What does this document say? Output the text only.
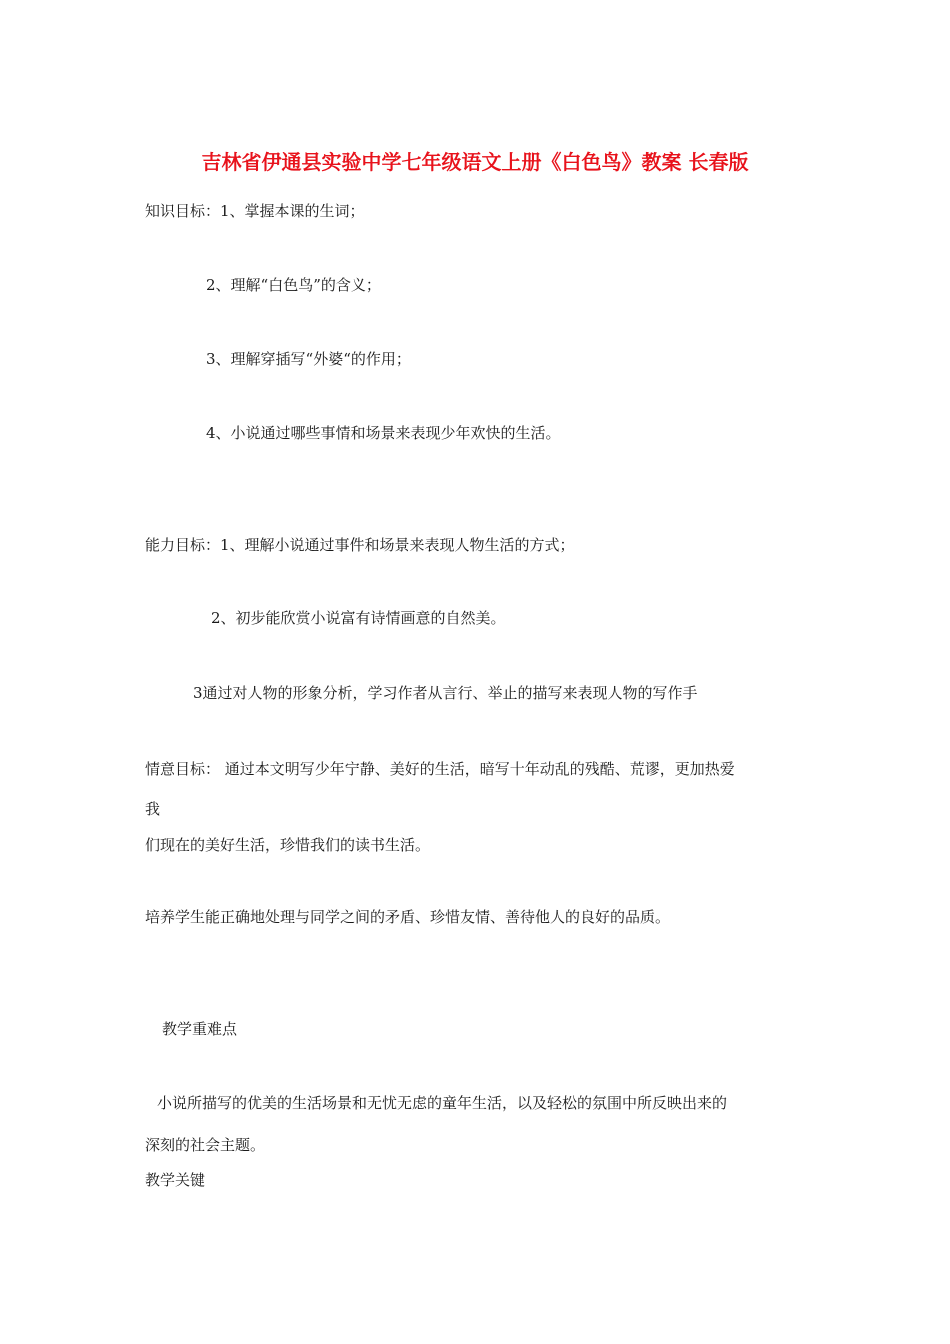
吉林省伊通县实验中学七年级语文上册《白色鸟》教案 长春版
知识目标：1、掌握本课的生词；
2、理解“白色鸟”的含义；
3、理解穿插写“外婆“的作用；
4、小说通过哪些事情和场景来表现少年欢快的生活。
能力目标：1、理解小说通过事件和场景来表现人物生活的方式；
2、初步能欣赏小说富有诗情画意的自然美。
3通过对人物的形象分析，学习作者从言行、举止的描写来表现人物的写作手
情意目标： 通过本文明写少年宁静、美好的生活，暗写十年动乱的残酷、荒谬，更加热爱
我
们现在的美好生活，珍惜我们的读书生活。
培养学生能正确地处理与同学之间的矛盾、珍惜友情、善待他人的良好的品质。
教学重难点
小说所描写的优美的生活场景和无忧无虑的童年生活，以及轻松的氛围中所反映出来的
深刻的社会主题。
教学关键
